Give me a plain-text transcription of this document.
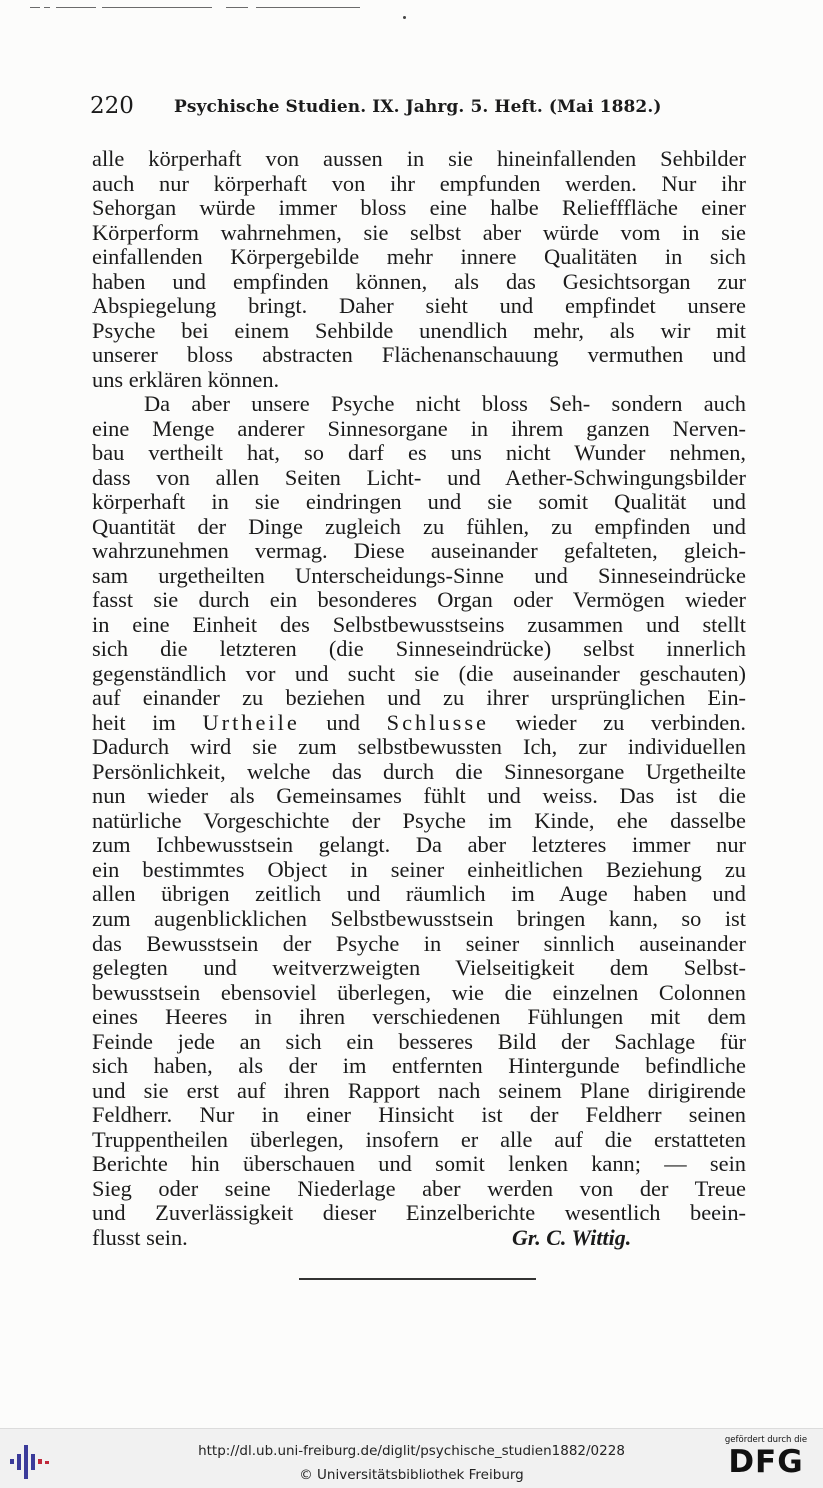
220 Psychische Studien. IX. Jahrg. 5. Heft. (Mai 1882.)
alle körperhaft von aussen in sie hineinfallenden Sehbilder
auch nur körperhaft von ihr empfunden werden. Nur ihr
Sehorgan würde immer bloss eine halbe Reliefffläche einer
Körperform wahrnehmen, sie selbst aber würde vom in sie
einfallenden Körpergebilde mehr innere Qualitäten in sich
haben und empfinden können, als das Gesichtsorgan zur
Abspiegelung bringt. Daher sieht und empfindet unsere
Psyche bei einem Sehbilde unendlich mehr, als wir mit
unserer bloss abstracten Flächenanschauung vermuthen und
uns erklären können.
Da aber unsere Psyche nicht bloss Seh- sondern auch
eine Menge anderer Sinnesorgane in ihrem ganzen Nerven-
bau vertheilt hat, so darf es uns nicht Wunder nehmen,
dass von allen Seiten Licht- und Aether-Schwingungsbilder
körperhaft in sie eindringen und sie somit Qualität und
Quantität der Dinge zugleich zu fühlen, zu empfinden und
wahrzunehmen vermag. Diese auseinander gefalteten, gleich-
sam urgetheilten Unterscheidungs-Sinne und Sinneseindrücke
fasst sie durch ein besonderes Organ oder Vermögen wieder
in eine Einheit des Selbstbewusstseins zusammen und stellt
sich die letzteren (die Sinneseindrücke) selbst innerlich
gegenständlich vor und sucht sie (die auseinander geschauten)
auf einander zu beziehen und zu ihrer ursprünglichen Ein-
heit im Urtheile und Schlusse wieder zu verbinden.
Dadurch wird sie zum selbstbewussten Ich, zur individuellen
Persönlichkeit, welche das durch die Sinnesorgane Urgetheilte
nun wieder als Gemeinsames fühlt und weiss. Das ist die
natürliche Vorgeschichte der Psyche im Kinde, ehe dasselbe
zum Ichbewusstsein gelangt. Da aber letzteres immer nur
ein bestimmtes Object in seiner einheitlichen Beziehung zu
allen übrigen zeitlich und räumlich im Auge haben und
zum augenblicklichen Selbstbewusstsein bringen kann, so ist
das Bewusstsein der Psyche in seiner sinnlich auseinander
gelegten und weitverzweigten Vielseitigkeit dem Selbst-
bewusstsein ebensoviel überlegen, wie die einzelnen Colonnen
eines Heeres in ihren verschiedenen Fühlungen mit dem
Feinde jede an sich ein besseres Bild der Sachlage für
sich haben, als der im entfernten Hintergunde befindliche
und sie erst auf ihren Rapport nach seinem Plane dirigirende
Feldherr. Nur in einer Hinsicht ist der Feldherr seinen
Truppentheilen überlegen, insofern er alle auf die erstatteten
Berichte hin überschauen und somit lenken kann; — sein
Sieg oder seine Niederlage aber werden von der Treue
und Zuverlässigkeit dieser Einzelberichte wesentlich beein-
flusst sein.	Gr. C. Wittig.
http://dl.ub.uni-freiburg.de/diglit/psychische_studien1882/0228
© Universitätsbibliothek Freiburg
gefördert durch die
DFG
